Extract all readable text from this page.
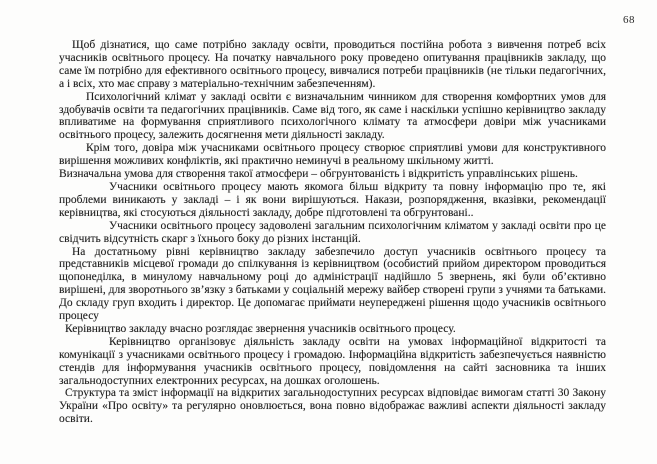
68

Щоб дізнатися, що саме потрібно закладу освіти, проводиться постійна робота з вивчення потреб всіх учасників освітнього процесу. На початку навчального року проведено опитування працівників закладу, що саме їм потрібно для ефективного освітнього процесу, вивчалися потреби працівників (не тільки педагогічних, а і всіх, хто має справу з матеріально-технічним забезпеченням).

Психологічний клімат у закладі освіти є визначальним чинником для створення комфортних умов для здобувачів освіти та педагогічних працівників. Саме від того, як саме і наскільки успішно керівництво закладу впливатиме на формування сприятливого психологічного клімату та атмосфери довіри між учасниками освітнього процесу, залежить досягнення мети діяльності закладу.

Крім того, довіра між учасниками освітнього процесу створює сприятливі умови для конструктивного вирішення можливих конфліктів, які практично неминучі в реальному шкільному житті.

Визначальна умова для створення такої атмосфери – обгрунтованість і відкритість управлінських рішень.

Учасники освітнього процесу мають якомога більш відкриту та повну інформацію про те, які проблеми виникають у закладі – і як вони вирішуються. Накази, розпорядження, вказівки, рекомендації керівництва, які стосуються діяльності закладу, добре підготовлені та обгрунтовані..

Учасники освітнього процесу задоволені загальним психологічним кліматом у закладі освіти про це свідчить відсутність скарг з їхнього боку до різних інстанцій.

На достатньому рівні керівництво закладу забезпечило доступ учасників освітнього процесу та представників місцевої громади до спілкування із керівництвом (особистий прийом директором проводиться щопонеділка, в минулому навчальному році до адміністрації надійшло 5 звернень, які були об’єктивно вирішені, для зворотнього зв’язку з батьками у соціальній мережу вайбер створені групи з учнями та батьками. До складу груп входить і директор. Це допомагає приймати неупереджені рішення щодо учасників освітнього процесу

Керівництво закладу вчасно розглядає звернення учасників освітнього процесу.

Керівництво організовує діяльність закладу освіти на умовах інформаційної відкритості та комунікації з учасниками освітнього процесу і громадою. Інформаційна відкритість забезпечується наявністю стендів для інформування учасників освітнього процесу, повідомлення на сайті засновника та інших загальнодоступних електронних ресурсах, на дошках оголошень.

Структура та зміст інформації на відкритих загальнодоступних ресурсах відповідає вимогам статті 30 Закону України «Про освіту» та регулярно оновлюється, вона повно відображає важливі аспекти діяльності закладу освіти.
